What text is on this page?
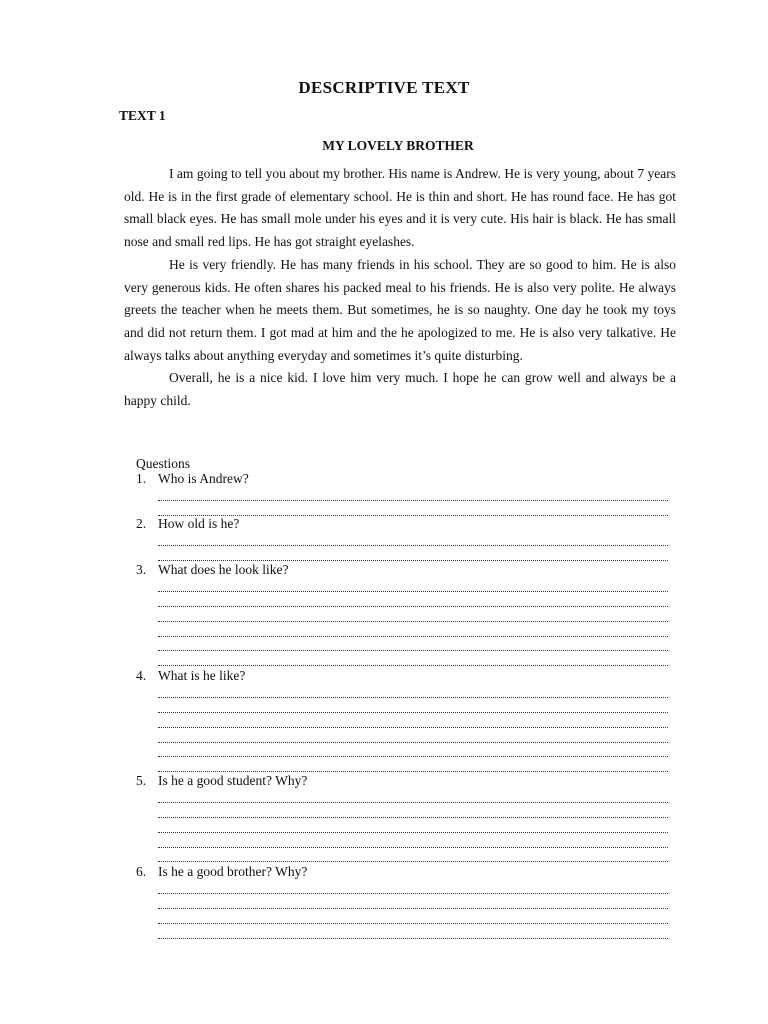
DESCRIPTIVE TEXT
TEXT 1
MY LOVELY BROTHER

I am going to tell you about my brother. His name is Andrew. He is very young, about 7 years old. He is in the first grade of elementary school. He is thin and short. He has round face. He has got small black eyes. He has small mole under his eyes and it is very cute. His hair is black. He has small nose and small red lips. He has got straight eyelashes.

He is very friendly. He has many friends in his school. They are so good to him. He is also very generous kids. He often shares his packed meal to his friends. He is also very polite. He always greets the teacher when he meets them. But sometimes, he is so naughty. One day he took my toys and did not return them. I got mad at him and the he apologized to me. He is also very talkative. He always talks about anything everyday and sometimes it’s quite disturbing.

Overall, he is a nice kid. I love him very much. I hope he can grow well and always be a happy child.

Questions
1. Who is Andrew?
2. How old is he?
3. What does he look like?
4. What is he like?
5. Is he a good student? Why?
6. Is he a good brother? Why?
